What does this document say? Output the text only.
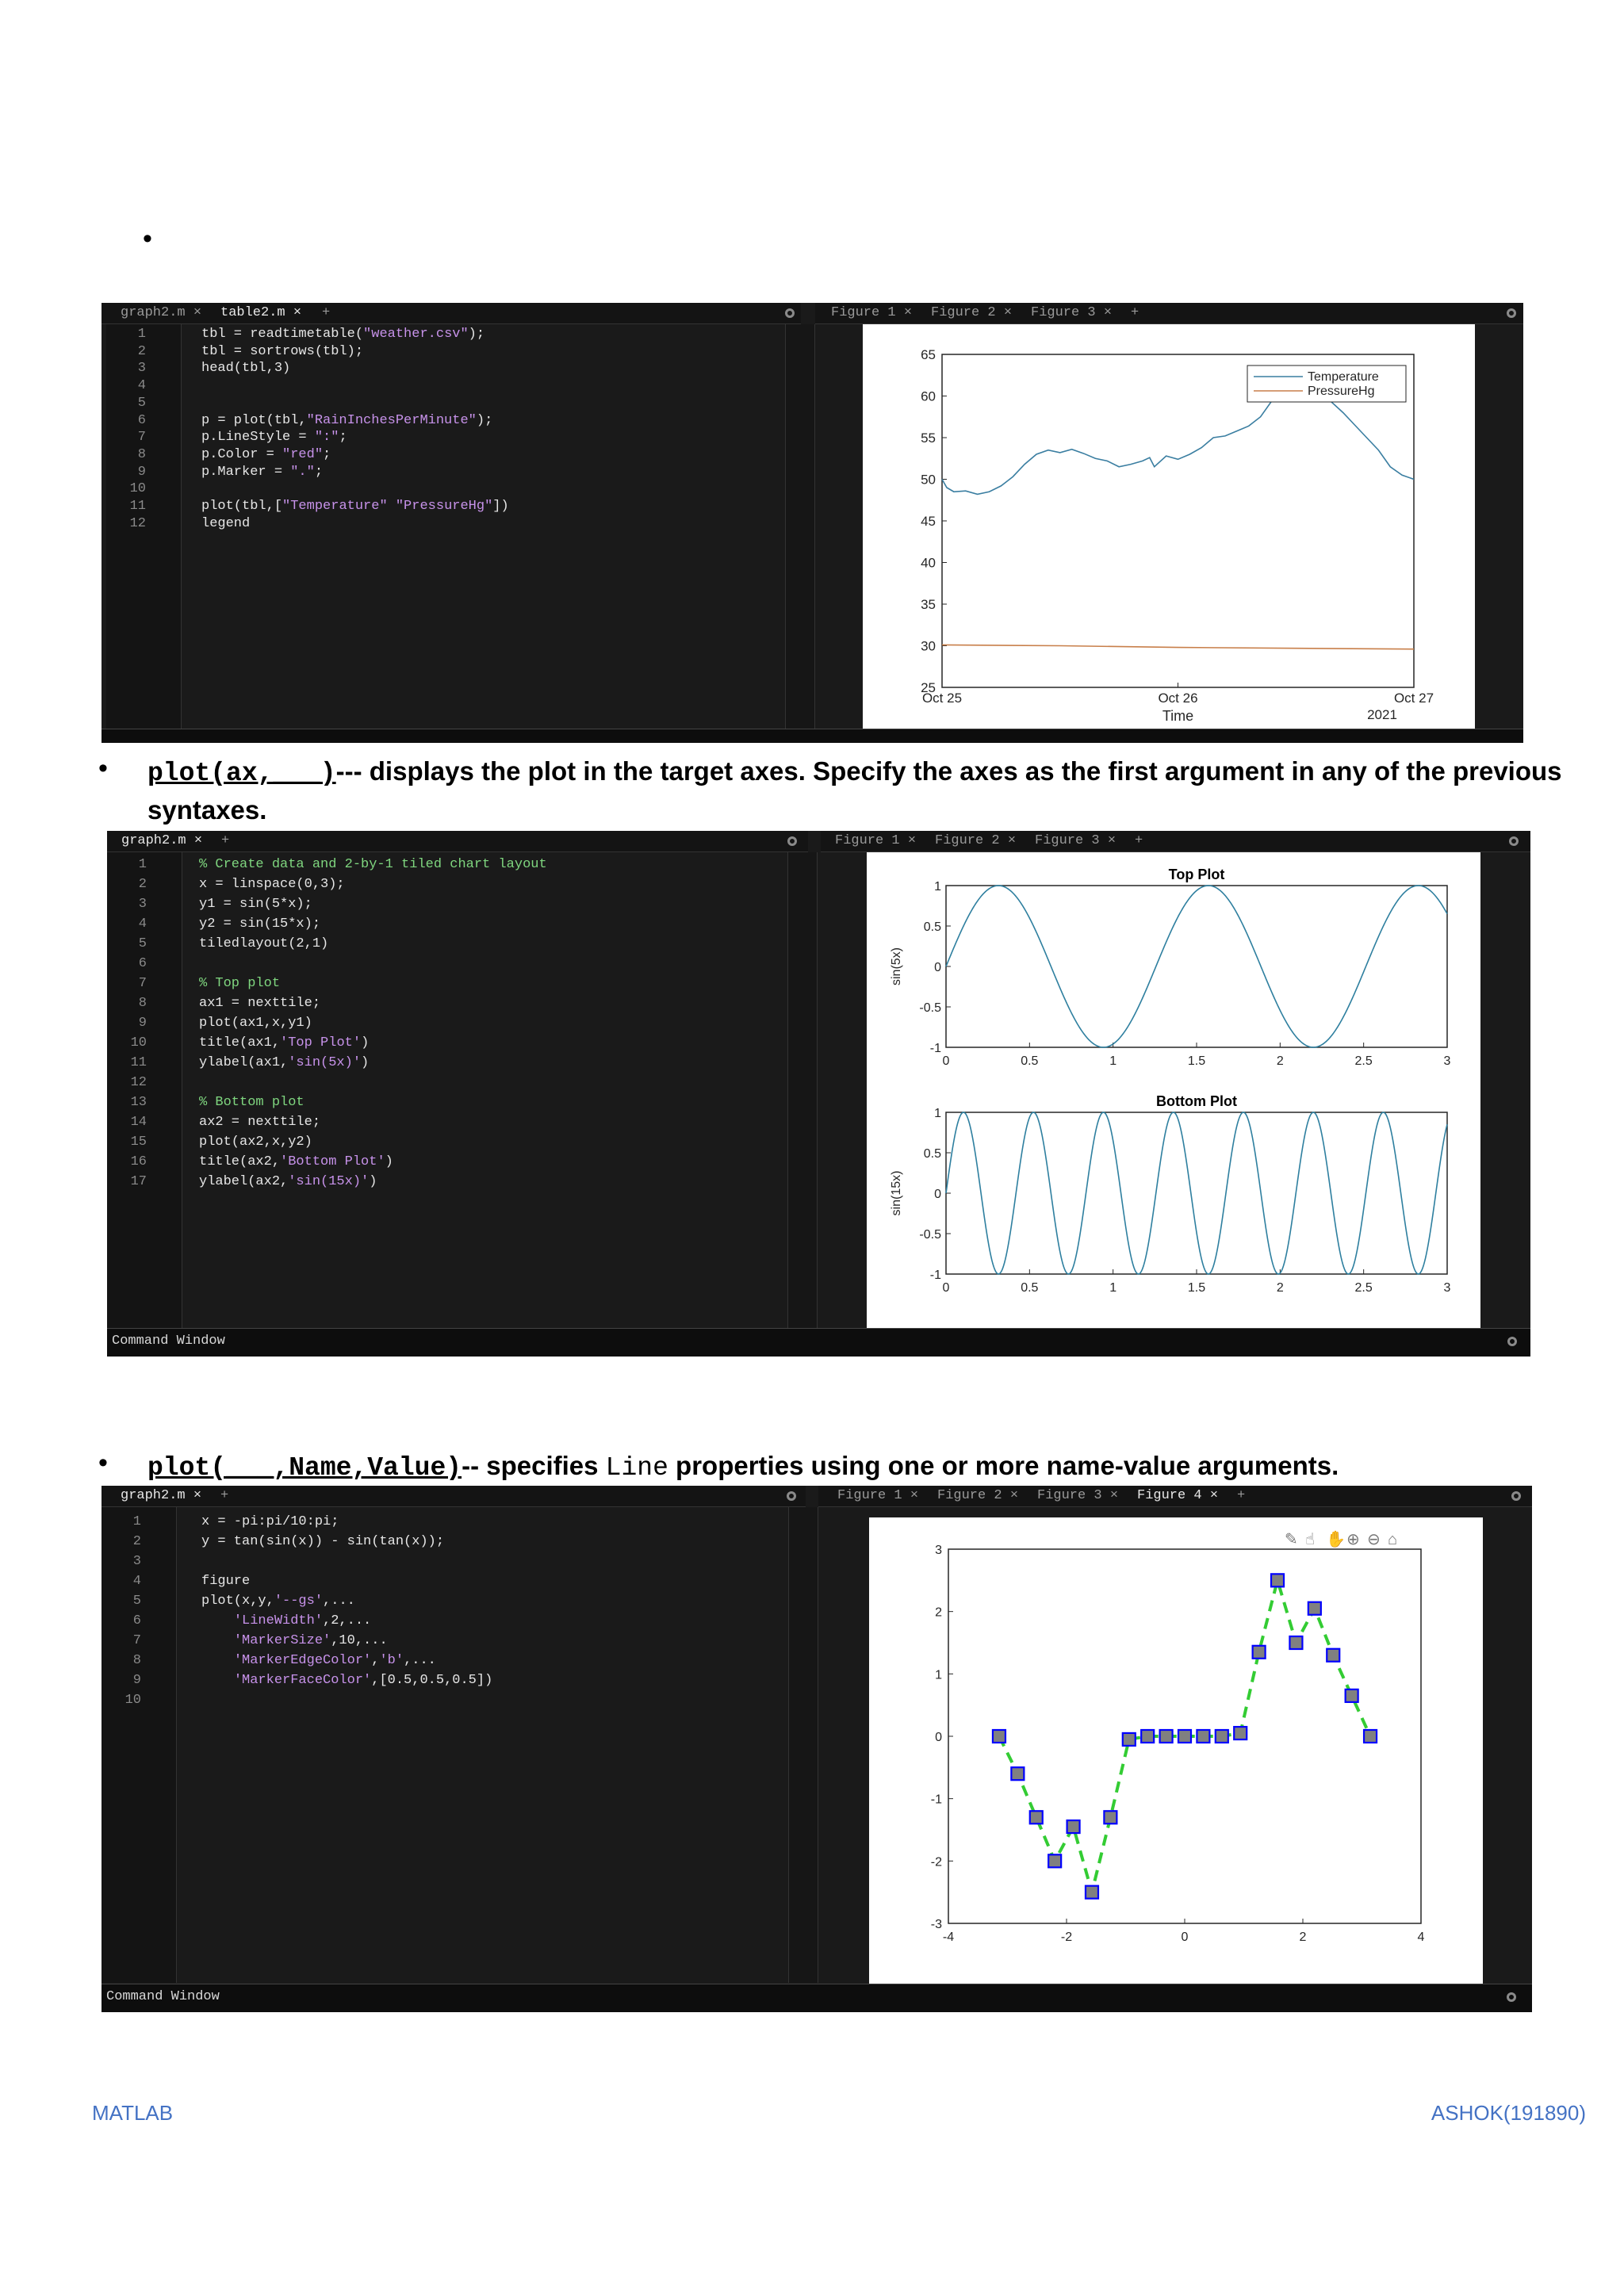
•
graph2.m × table2.m × +	Figure 1 × Figure 2 × Figure 3 × +
25
30
35
40
45
50
55
60
65
Oct 25	Oct 26	Oct 27
2021
Time
Temperature
PressureHg
1	tbl = readtimetable("weather.csv");
2	tbl = sortrows(tbl);
3	head(tbl,3)
4
5
6	p = plot(tbl,"RainInchesPerMinute");
7	p.LineStyle = ":";
8	p.Color = "red";
9	p.Marker = ".";
10
11	plot(tbl,["Temperature" "PressureHg"])
12	legend
• plot(ax,___)--- displays the plot in the target axes. Specify the axes as the first argument in any of the previous
syntaxes.
graph2.m × +	Figure 1 × Figure 2 × Figure 3 × +
Top Plot
-1
-0.5
0
0.5
1
0	0.5	1	1.5	2	2.5	3
sin(5x)
Bottom Plot
-1
-0.5
0
0.5
1
0	0.5	1	1.5	2	2.5	3
sin(15x)
Command Window
1	% Create data and 2-by-1 tiled chart layout
2	x = linspace(0,3);
3	y1 = sin(5*x);
4	y2 = sin(15*x);
5	tiledlayout(2,1)
6
7	% Top plot
8	ax1 = nexttile;
9	plot(ax1,x,y1)
10	title(ax1,'Top Plot')
11	ylabel(ax1,'sin(5x)')
12
13	% Bottom plot
14	ax2 = nexttile;
15	plot(ax2,x,y2)
16	title(ax2,'Bottom Plot')
17	ylabel(ax2,'sin(15x)')
• plot(___,Name,Value)-- specifies Line properties using one or more name-value arguments.
graph2.m × +	Figure 1 × Figure 2 × Figure 3 × Figure 4 × +
-3
-2
-1
0
1
2
3
-4	-2	0	2	4
✎ ☝ ✋ ⊕ ⊖ ⌂
Command Window
1	x = -pi:pi/10:pi;
2	y = tan(sin(x)) - sin(tan(x));
3
4	figure
5	plot(x,y,'--gs',...
6	'LineWidth',2,...
7	'MarkerSize',10,...
8	'MarkerEdgeColor','b',...
9	'MarkerFaceColor',[0.5,0.5,0.5])
10
MATLAB	ASHOK(191890)
